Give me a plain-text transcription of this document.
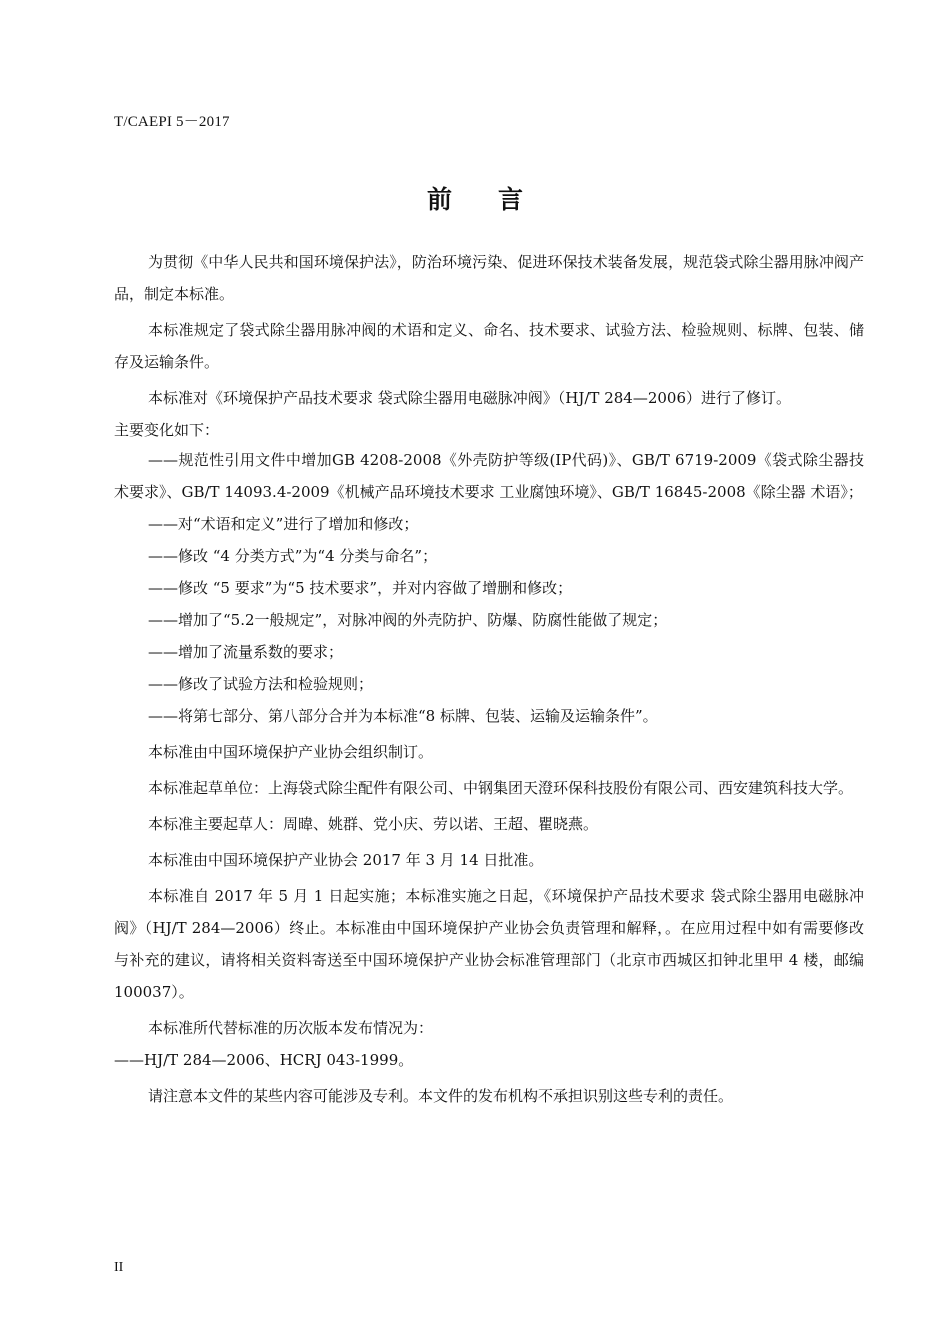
T/CAEPI 5－2017
前言

为贯彻《中华人民共和国环境保护法》，防治环境污染、促进环保技术装备发展，规范袋式除尘器用脉冲阀产品，制定本标准。

本标准规定了袋式除尘器用脉冲阀的术语和定义、命名、技术要求、试验方法、检验规则、标牌、包装、储存及运输条件。

本标准对《环境保护产品技术要求 袋式除尘器用电磁脉冲阀》（HJ/T 284—2006）进行了修订。

主要变化如下：

——规范性引用文件中增加GB 4208-2008《外壳防护等级(IP代码)》、GB/T 6719-2009《袋式除尘器技术要求》、GB/T 14093.4-2009《机械产品环境技术要求 工业腐蚀环境》、GB/T 16845-2008《除尘器 术语》；

——对“术语和定义”进行了增加和修改；

——修改 “4 分类方式”为“4 分类与命名”；

——修改 “5 要求”为“5 技术要求”，并对内容做了增删和修改；

——增加了“5.2一般规定”，对脉冲阀的外壳防护、防爆、防腐性能做了规定；

——增加了流量系数的要求；

——修改了试验方法和检验规则；

——将第七部分、第八部分合并为本标准“8 标牌、包装、运输及运输条件”。

本标准由中国环境保护产业协会组织制订。

本标准起草单位：上海袋式除尘配件有限公司、中钢集团天澄环保科技股份有限公司、西安建筑科技大学。

本标准主要起草人：周暐、姚群、党小庆、劳以诺、王超、瞿晓燕。

本标准由中国环境保护产业协会 2017 年 3 月 14 日批准。

本标准自 2017 年 5 月 1 日起实施；本标准实施之日起，《环境保护产品技术要求 袋式除尘器用电磁脉冲阀》（HJ/T 284—2006）终止。本标准由中国环境保护产业协会负责管理和解释，。在应用过程中如有需要修改与补充的建议，请将相关资料寄送至中国环境保护产业协会标准管理部门（北京市西城区扣钟北里甲 4 楼，邮编 100037）。

本标准所代替标准的历次版本发布情况为：

——HJ/T 284—2006、HCRJ 043-1999。

请注意本文件的某些内容可能涉及专利。本文件的发布机构不承担识别这些专利的责任。

II
